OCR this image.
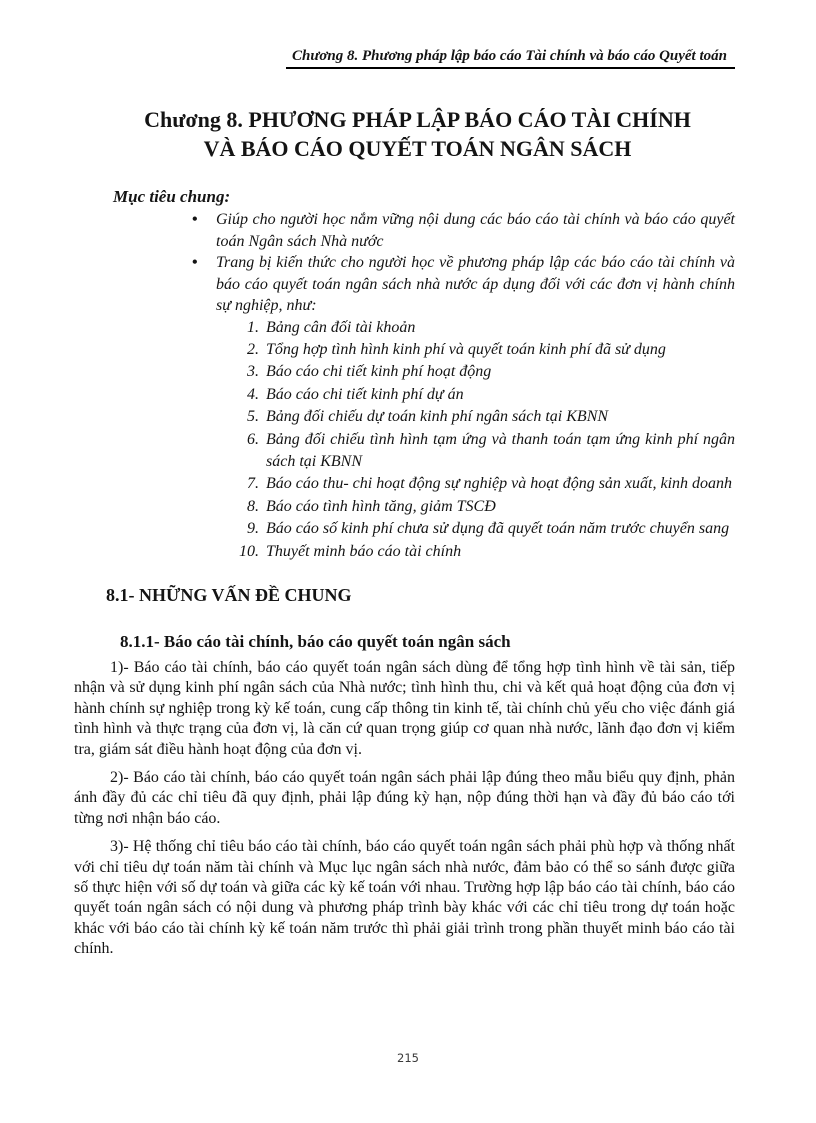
Chương 8. Phương pháp lập báo cáo Tài chính và báo cáo Quyết toán
Chương 8. PHƯƠNG PHÁP LẬP BÁO CÁO TÀI CHÍNH
VÀ BÁO CÁO QUYẾT TOÁN NGÂN SÁCH
Mục tiêu chung:
• Giúp cho người học nắm vững nội dung các báo cáo tài chính và báo cáo quyết toán Ngân sách Nhà nước
• Trang bị kiến thức cho người học về phương pháp lập các báo cáo tài chính và báo cáo quyết toán ngân sách nhà nước áp dụng đối với các đơn vị hành chính sự nghiệp, như:
Bảng cân đối tài khoản
Tổng hợp tình hình kinh phí và quyết toán kinh phí đã sử dụng
Báo cáo chi tiết kinh phí hoạt động
Báo cáo chi tiết kinh phí dự án
Bảng đối chiếu dự toán kinh phí ngân sách tại KBNN
Bảng đối chiếu tình hình tạm ứng và thanh toán tạm ứng kinh phí ngân sách tại KBNN
Báo cáo thu- chi hoạt động sự nghiệp và hoạt động sản xuất, kinh doanh
Báo cáo tình hình tăng, giảm TSCĐ
Báo cáo số kinh phí chưa sử dụng đã quyết toán năm trước chuyển sang
Thuyết minh báo cáo tài chính
8.1- NHỮNG VẤN ĐỀ CHUNG
8.1.1- Báo cáo tài chính, báo cáo quyết toán ngân sách

1)- Báo cáo tài chính, báo cáo quyết toán ngân sách dùng để tổng hợp tình hình về tài sản, tiếp nhận và sử dụng kinh phí ngân sách của Nhà nước; tình hình thu, chi và kết quả hoạt động của đơn vị hành chính sự nghiệp trong kỳ kế toán, cung cấp thông tin kinh tế, tài chính chủ yếu cho việc đánh giá tình hình và thực trạng của đơn vị, là căn cứ quan trọng giúp cơ quan nhà nước, lãnh đạo đơn vị kiểm tra, giám sát điều hành hoạt động của đơn vị.

2)- Báo cáo tài chính, báo cáo quyết toán ngân sách phải lập đúng theo mẫu biểu quy định, phản ánh đầy đủ các chỉ tiêu đã quy định, phải lập đúng kỳ hạn, nộp đúng thời hạn và đầy đủ báo cáo tới từng nơi nhận báo cáo.

3)- Hệ thống chỉ tiêu báo cáo tài chính, báo cáo quyết toán ngân sách phải phù hợp và thống nhất với chỉ tiêu dự toán năm tài chính và Mục lục ngân sách nhà nước, đảm bảo có thể so sánh được giữa số thực hiện với số dự toán và giữa các kỳ kế toán với nhau. Trường hợp lập báo cáo tài chính, báo cáo quyết toán ngân sách có nội dung và phương pháp trình bày khác với các chỉ tiêu trong dự toán hoặc khác với báo cáo tài chính kỳ kế toán năm trước thì phải giải trình trong phần thuyết minh báo cáo tài chính.

215
